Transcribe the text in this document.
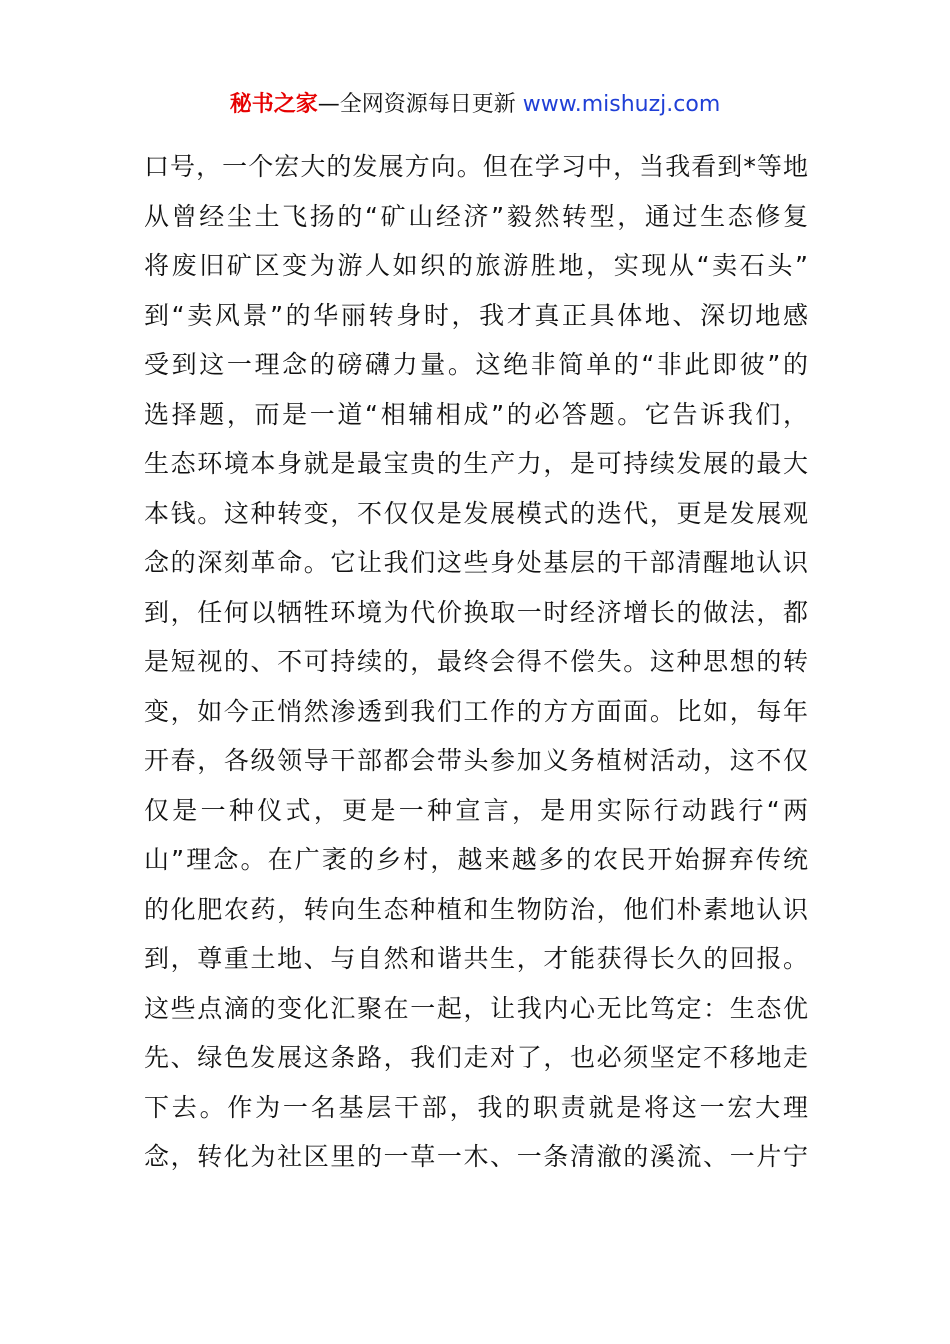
秘书之家—全网资源每日更新 www.mishuzj.com
口号，一个宏大的发展方向。但在学习中，当我看到*等地
从曾经尘土飞扬的“矿山经济”毅然转型，通过生态修复
将废旧矿区变为游人如织的旅游胜地，实现从“卖石头”
到“卖风景”的华丽转身时，我才真正具体地、深切地感
受到这一理念的磅礴力量。这绝非简单的“非此即彼”的
选择题，而是一道“相辅相成”的必答题。它告诉我们，
生态环境本身就是最宝贵的生产力，是可持续发展的最大
本钱。这种转变，不仅仅是发展模式的迭代，更是发展观
念的深刻革命。它让我们这些身处基层的干部清醒地认识
到，任何以牺牲环境为代价换取一时经济增长的做法，都
是短视的、不可持续的，最终会得不偿失。这种思想的转
变，如今正悄然渗透到我们工作的方方面面。比如，每年
开春，各级领导干部都会带头参加义务植树活动，这不仅
仅是一种仪式，更是一种宣言，是用实际行动践行“两
山”理念。在广袤的乡村，越来越多的农民开始摒弃传统
的化肥农药，转向生态种植和生物防治，他们朴素地认识
到，尊重土地、与自然和谐共生，才能获得长久的回报。
这些点滴的变化汇聚在一起，让我内心无比笃定：生态优
先、绿色发展这条路，我们走对了，也必须坚定不移地走
下去。作为一名基层干部，我的职责就是将这一宏大理
念，转化为社区里的一草一木、一条清澈的溪流、一片宁
